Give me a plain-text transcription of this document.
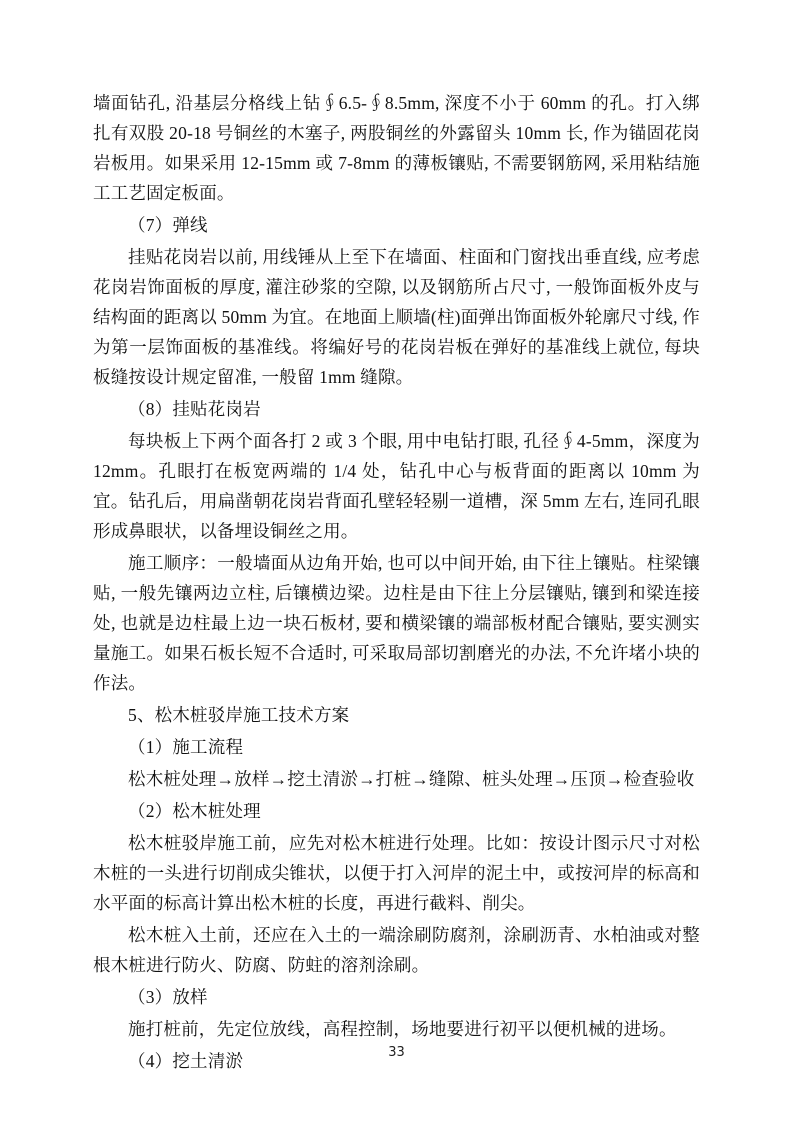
墙面钻孔, 沿基层分格线上钻∮6.5-∮8.5mm, 深度不小于 60mm 的孔。打入绑扎有双股 20-18 号铜丝的木塞子, 两股铜丝的外露留头 10mm 长, 作为锚固花岗岩板用。如果采用 12-15mm 或 7-8mm 的薄板镶贴, 不需要钢筋网, 采用粘结施工工艺固定板面。

（7）弹线

挂贴花岗岩以前, 用线锤从上至下在墙面、柱面和门窗找出垂直线, 应考虑花岗岩饰面板的厚度, 灌注砂浆的空隙, 以及钢筋所占尺寸, 一般饰面板外皮与结构面的距离以 50mm 为宜。在地面上顺墙(柱)面弹出饰面板外轮廓尺寸线, 作为第一层饰面板的基准线。将编好号的花岗岩板在弹好的基准线上就位, 每块板缝按设计规定留准, 一般留 1mm 缝隙。

（8）挂贴花岗岩

每块板上下两个面各打 2 或 3 个眼, 用中电钻打眼, 孔径∮4-5mm，深度为 12mm。孔眼打在板宽两端的 1/4 处，钻孔中心与板背面的距离以 10mm 为宜。钻孔后，用扁凿朝花岗岩背面孔壁轻轻剔一道槽，深 5mm 左右, 连同孔眼形成鼻眼状，以备埋设铜丝之用。

施工顺序：一般墙面从边角开始, 也可以中间开始, 由下往上镶贴。柱梁镶贴, 一般先镶两边立柱, 后镶横边梁。边柱是由下往上分层镶贴, 镶到和梁连接处, 也就是边柱最上边一块石板材, 要和横梁镶的端部板材配合镶贴, 要实测实量施工。如果石板长短不合适时, 可采取局部切割磨光的办法, 不允许堵小块的作法。

5、松木桩驳岸施工技术方案

（1）施工流程

松木桩处理→放样→挖土清淤→打桩→缝隙、桩头处理→压顶→检查验收

（2）松木桩处理

松木桩驳岸施工前，应先对松木桩进行处理。比如：按设计图示尺寸对松木桩的一头进行切削成尖锥状，以便于打入河岸的泥土中，或按河岸的标高和水平面的标高计算出松木桩的长度，再进行截料、削尖。

松木桩入土前，还应在入土的一端涂刷防腐剂，涂刷沥青、水柏油或对整根木桩进行防火、防腐、防蛀的溶剂涂刷。

（3）放样

施打桩前，先定位放线，高程控制，场地要进行初平以便机械的进场。

（4）挖土清淤	33
